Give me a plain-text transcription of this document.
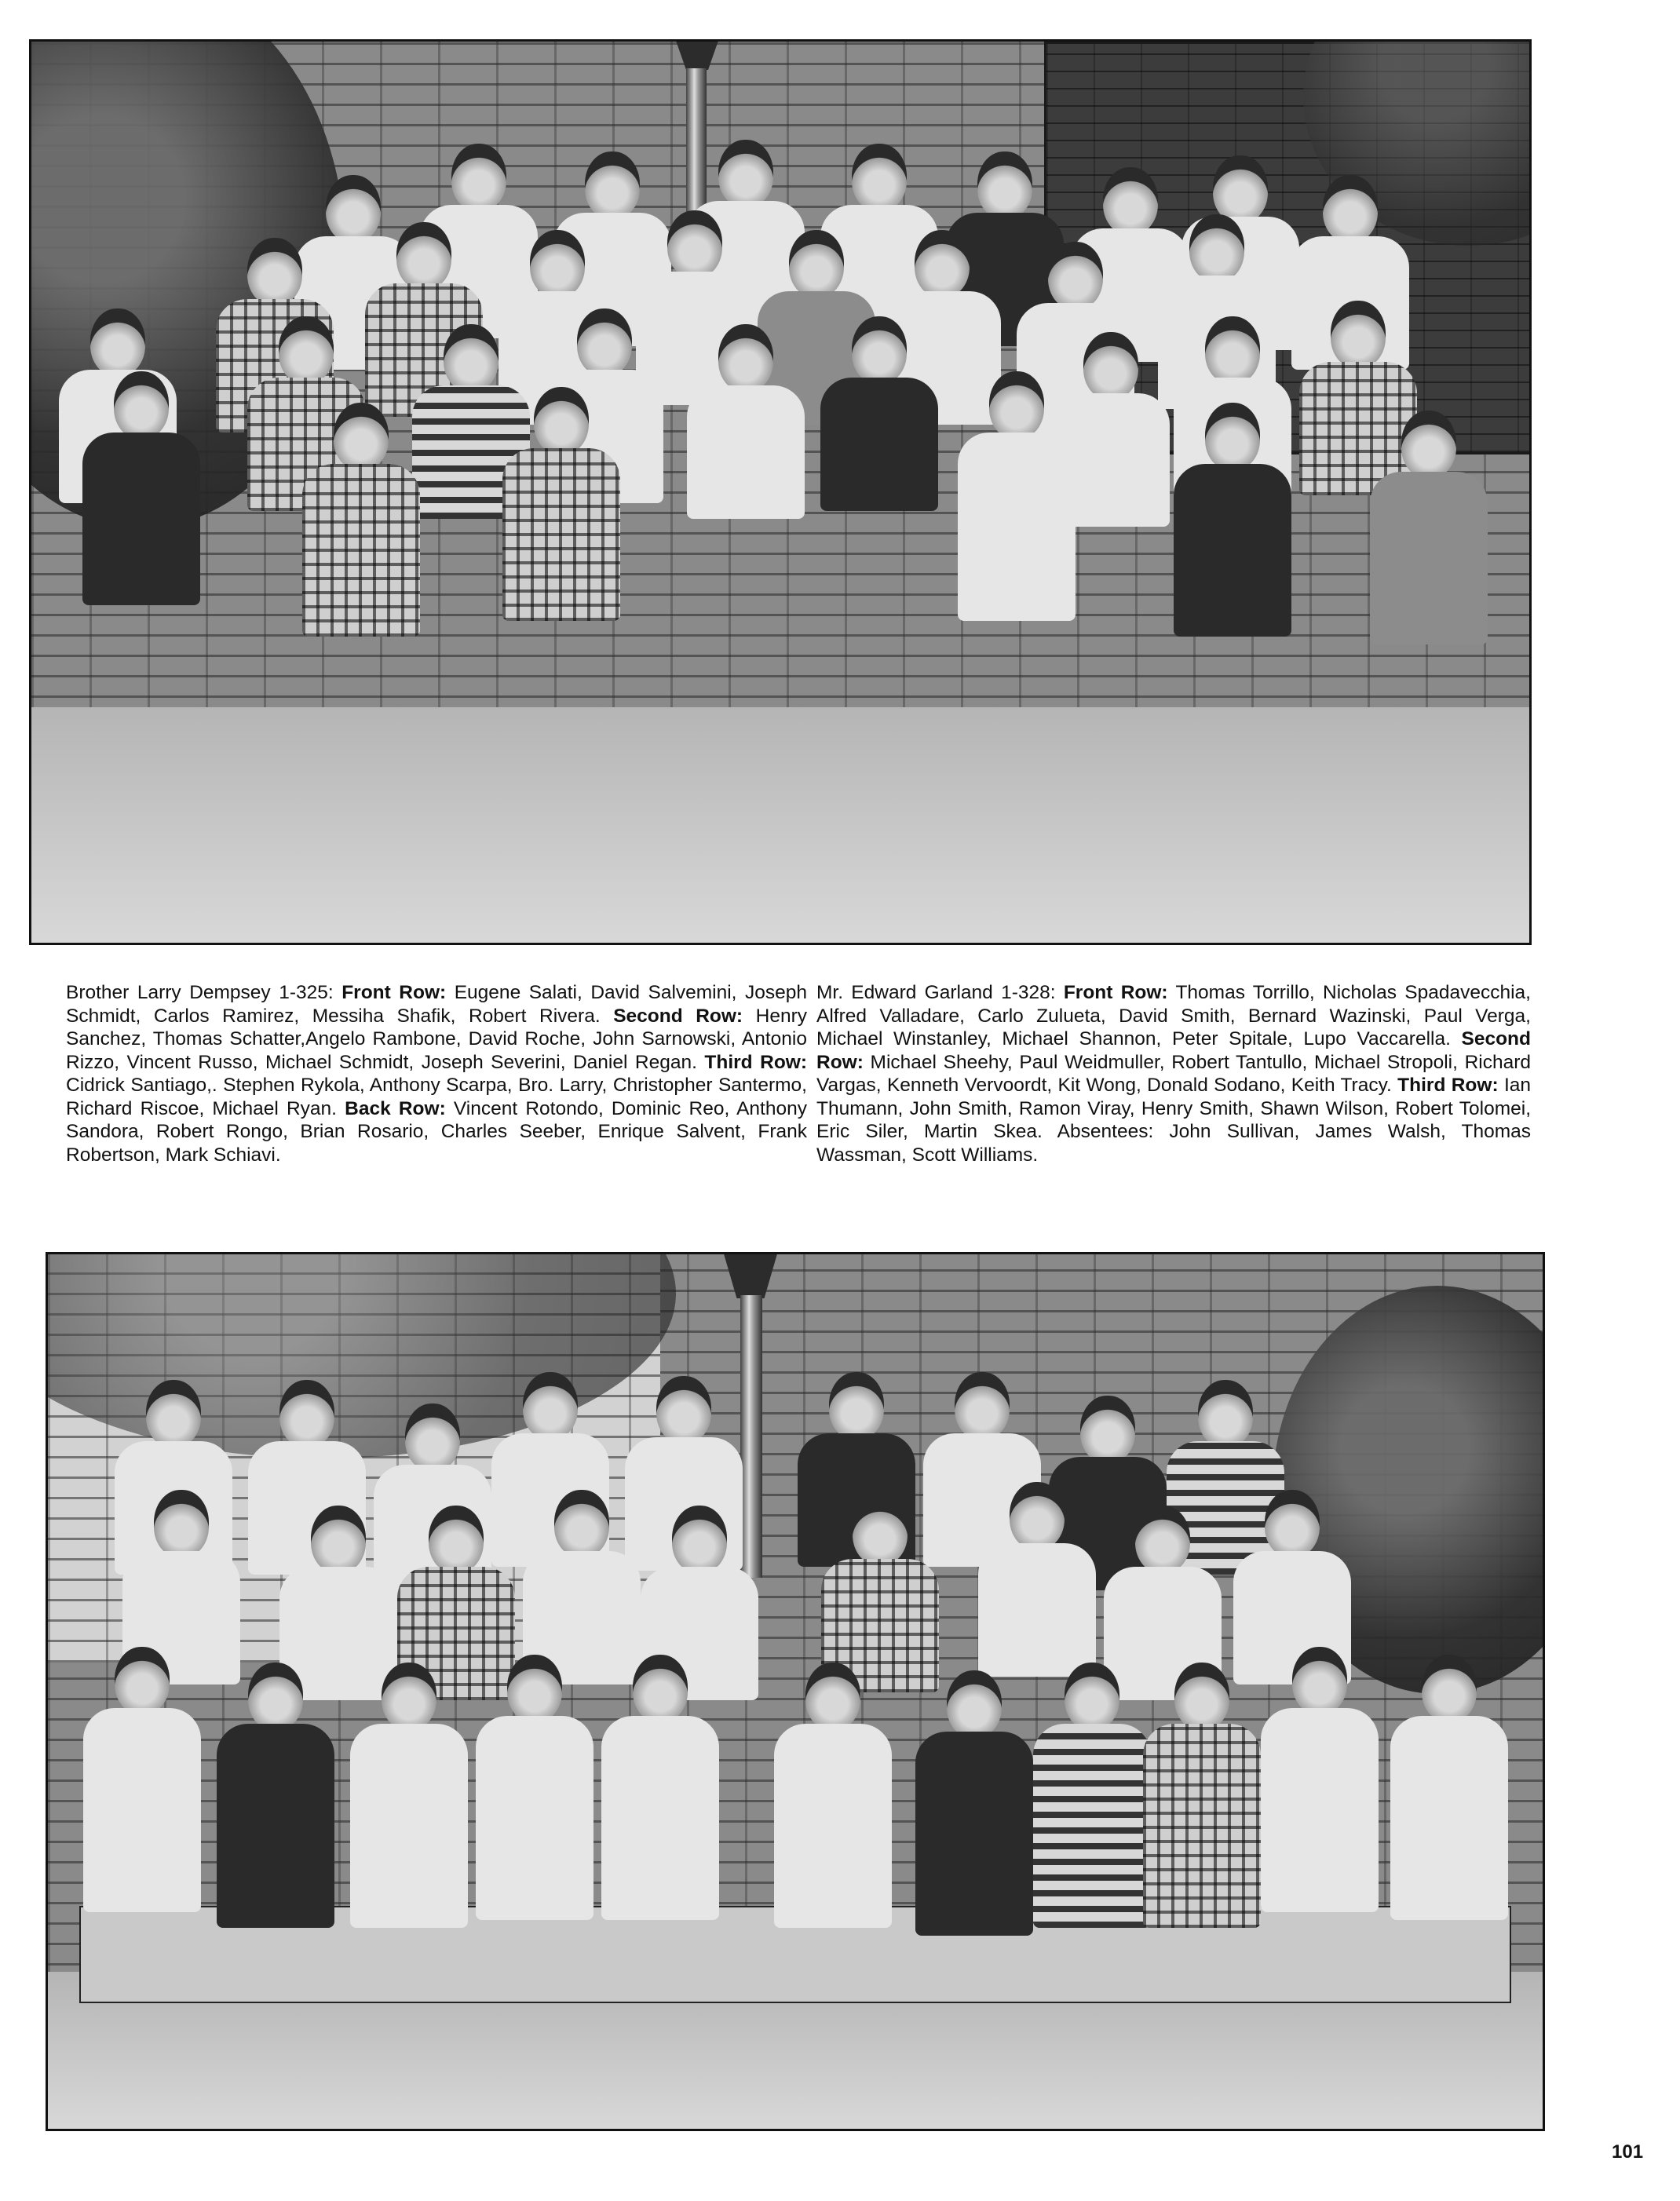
Brother Larry Dempsey 1-325: Front Row: Eugene Salati, David Salvemini, Joseph Schmidt, Carlos Ramirez, Messiha Shafik, Robert Rivera. Second Row: Henry Sanchez, Thomas Schatter,Angelo Rambone, David Roche, John Sarnowski, Antonio Rizzo, Vincent Russo, Michael Schmidt, Joseph Severini, Daniel Regan. Third Row: Cidrick Santiago,. Stephen Rykola, Anthony Scarpa, Bro. Larry, Christopher Santermo, Richard Riscoe, Michael Ryan. Back Row: Vincent Rotondo, Dominic Reo, Anthony Sandora, Robert Rongo, Brian Rosario, Charles Seeber, Enrique Salvent, Frank Robertson, Mark Schiavi.
Mr. Edward Garland 1-328: Front Row: Thomas Torrillo, Nicholas Spadavecchia, Alfred Valladare, Carlo Zulueta, David Smith, Bernard Wazinski, Paul Verga, Michael Winstanley, Michael Shannon, Peter Spitale, Lupo Vaccarella. Second Row: Michael Sheehy, Paul Weidmuller, Robert Tantullo, Michael Stropoli, Richard Vargas, Kenneth Vervoordt, Kit Wong, Donald Sodano, Keith Tracy. Third Row: Ian Thumann, John Smith, Ramon Viray, Henry Smith, Shawn Wilson, Robert Tolomei, Eric Siler, Martin Skea. Absentees: John Sullivan, James Walsh, Thomas Wassman, Scott Williams.
101
